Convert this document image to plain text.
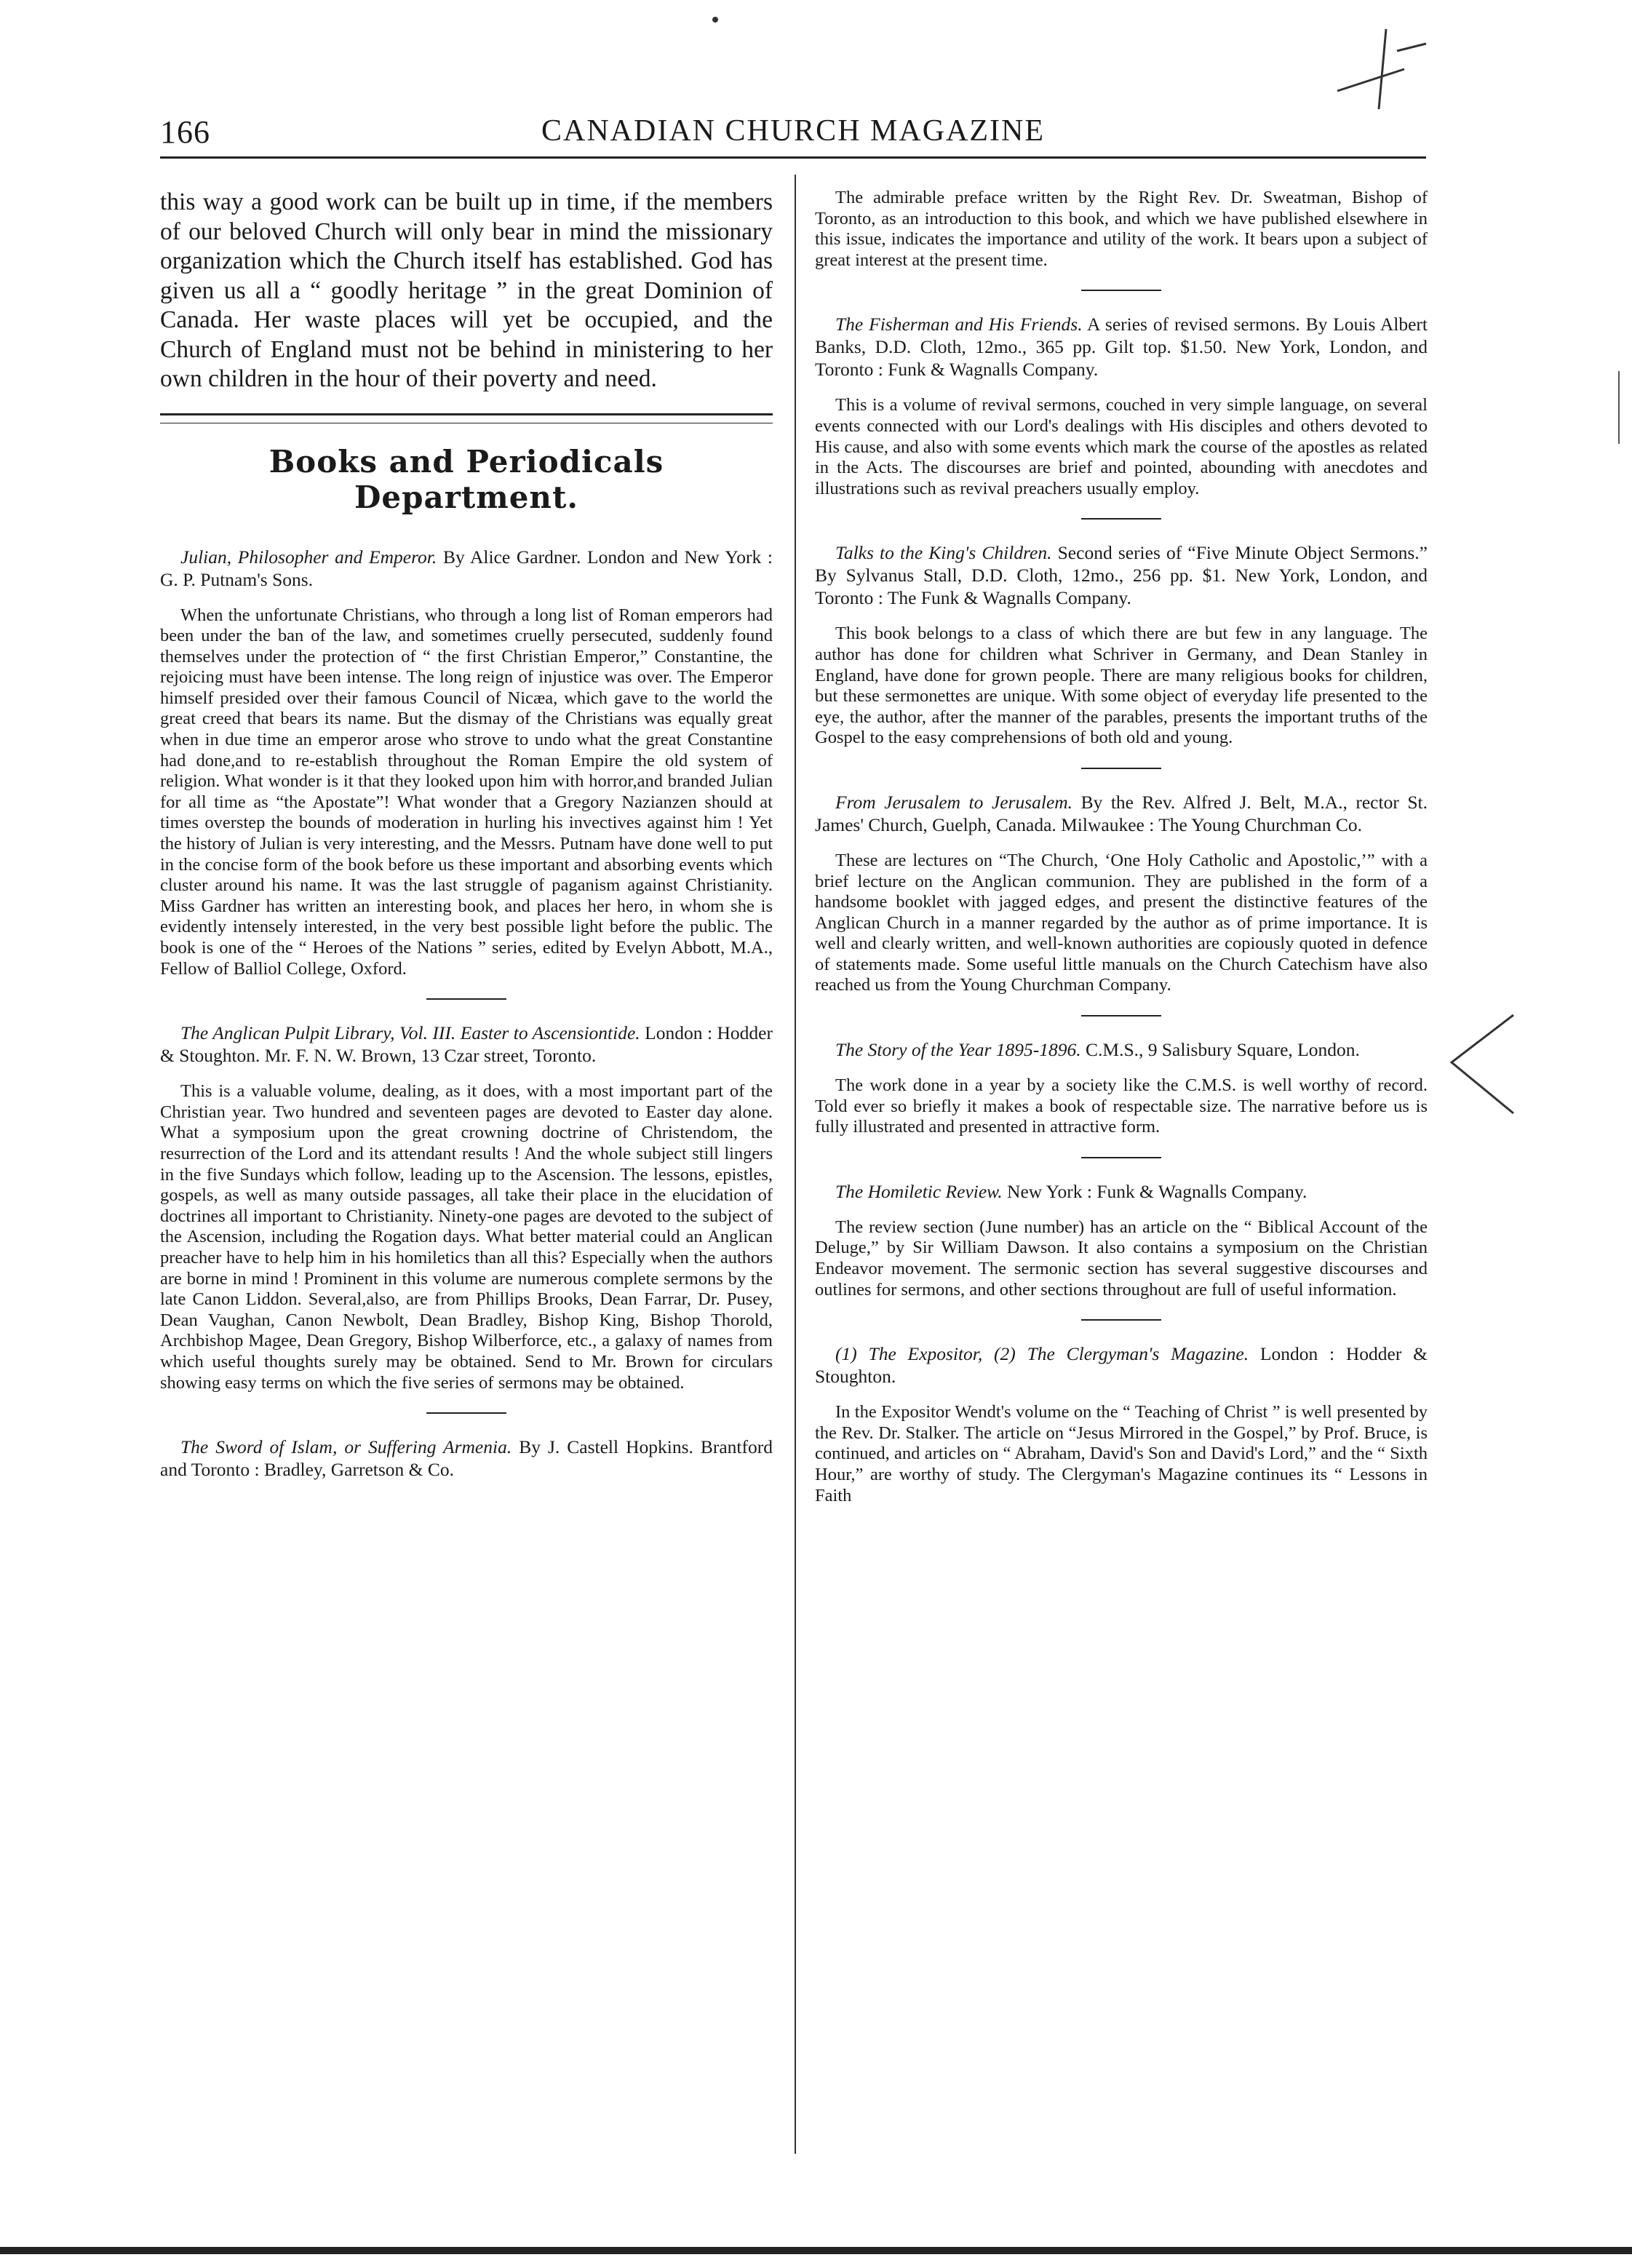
166	CANADIAN CHURCH MAGAZINE

this way a good work can be built up in time, if the members of our beloved Church will only bear in mind the missionary organization which the Church itself has established. God has given us all a “ goodly heritage ” in the great Dominion of Canada. Her waste places will yet be occupied, and the Church of England must not be behind in ministering to her own children in the hour of their poverty and need.

Books and Periodicals Department.

Julian, Philosopher and Emperor. By Alice Gardner. London and New York : G. P. Putnam's Sons.

When the unfortunate Christians, who through a long list of Roman emperors had been under the ban of the law, and sometimes cruelly persecuted, suddenly found themselves under the protection of “ the first Christian Emperor,” Constantine, the rejoicing must have been intense. The long reign of injustice was over. The Emperor himself presided over their famous Council of Nicæa, which gave to the world the great creed that bears its name. But the dismay of the Christians was equally great when in due time an emperor arose who strove to undo what the great Constantine had done,and to re-establish throughout the Roman Empire the old system of religion. What wonder is it that they looked upon him with horror,and branded Julian for all time as “the Apostate”! What wonder that a Gregory Nazianzen should at times overstep the bounds of moderation in hurling his invectives against him ! Yet the history of Julian is very interesting, and the Messrs. Putnam have done well to put in the concise form of the book before us these important and absorbing events which cluster around his name. It was the last struggle of paganism against Christianity. Miss Gardner has written an interesting book, and places her hero, in whom she is evidently intensely interested, in the very best possible light before the public. The book is one of the “ Heroes of the Nations ” series, edited by Evelyn Abbott, M.A., Fellow of Balliol College, Oxford.

The Anglican Pulpit Library, Vol. III. Easter to Ascensiontide. London : Hodder & Stoughton. Mr. F. N. W. Brown, 13 Czar street, Toronto.

This is a valuable volume, dealing, as it does, with a most important part of the Christian year. Two hundred and seventeen pages are devoted to Easter day alone. What a symposium upon the great crowning doctrine of Christendom, the resurrection of the Lord and its attendant results ! And the whole subject still lingers in the five Sundays which follow, leading up to the Ascension. The lessons, epistles, gospels, as well as many outside passages, all take their place in the elucidation of doctrines all important to Christianity. Ninety-one pages are devoted to the subject of the Ascension, including the Rogation days. What better material could an Anglican preacher have to help him in his homiletics than all this? Especially when the authors are borne in mind ! Prominent in this volume are numerous complete sermons by the late Canon Liddon. Several,also, are from Phillips Brooks, Dean Farrar, Dr. Pusey, Dean Vaughan, Canon Newbolt, Dean Bradley, Bishop King, Bishop Thorold, Archbishop Magee, Dean Gregory, Bishop Wilberforce, etc., a galaxy of names from which useful thoughts surely may be obtained. Send to Mr. Brown for circulars showing easy terms on which the five series of sermons may be obtained.

The Sword of Islam, or Suffering Armenia. By J. Castell Hopkins. Brantford and Toronto : Bradley, Garretson & Co.

The admirable preface written by the Right Rev. Dr. Sweatman, Bishop of Toronto, as an introduction to this book, and which we have published elsewhere in this issue, indicates the importance and utility of the work. It bears upon a subject of great interest at the present time.

The Fisherman and His Friends. A series of revised sermons. By Louis Albert Banks, D.D. Cloth, 12mo., 365 pp. Gilt top. $1.50. New York, London, and Toronto : Funk & Wagnalls Company.

This is a volume of revival sermons, couched in very simple language, on several events connected with our Lord's dealings with His disciples and others devoted to His cause, and also with some events which mark the course of the apostles as related in the Acts. The discourses are brief and pointed, abounding with anecdotes and illustrations such as revival preachers usually employ.

Talks to the King's Children. Second series of “Five Minute Object Sermons.” By Sylvanus Stall, D.D. Cloth, 12mo., 256 pp. $1. New York, London, and Toronto : The Funk & Wagnalls Company.

This book belongs to a class of which there are but few in any language. The author has done for children what Schriver in Germany, and Dean Stanley in England, have done for grown people. There are many religious books for children, but these sermonettes are unique. With some object of everyday life presented to the eye, the author, after the manner of the parables, presents the important truths of the Gospel to the easy comprehensions of both old and young.

From Jerusalem to Jerusalem. By the Rev. Alfred J. Belt, M.A., rector St. James' Church, Guelph, Canada. Milwaukee : The Young Churchman Co.

These are lectures on “The Church, ‘One Holy Catholic and Apostolic,’” with a brief lecture on the Anglican communion. They are published in the form of a handsome booklet with jagged edges, and present the distinctive features of the Anglican Church in a manner regarded by the author as of prime importance. It is well and clearly written, and well-known authorities are copiously quoted in defence of statements made. Some useful little manuals on the Church Catechism have also reached us from the Young Churchman Company.

The Story of the Year 1895-1896. C.M.S., 9 Salisbury Square, London.

The work done in a year by a society like the C.M.S. is well worthy of record. Told ever so briefly it makes a book of respectable size. The narrative before us is fully illustrated and presented in attractive form.

The Homiletic Review. New York : Funk & Wagnalls Company.

The review section (June number) has an article on the “ Biblical Account of the Deluge,” by Sir William Dawson. It also contains a symposium on the Christian Endeavor movement. The sermonic section has several suggestive discourses and outlines for sermons, and other sections throughout are full of useful information.

(1) The Expositor, (2) The Clergyman's Magazine. London : Hodder & Stoughton.

In the Expositor Wendt's volume on the “ Teaching of Christ ” is well presented by the Rev. Dr. Stalker. The article on “Jesus Mirrored in the Gospel,” by Prof. Bruce, is continued, and articles on “ Abraham, David's Son and David's Lord,” and the “ Sixth Hour,” are worthy of study. The Clergyman's Magazine continues its “ Lessons in Faith
